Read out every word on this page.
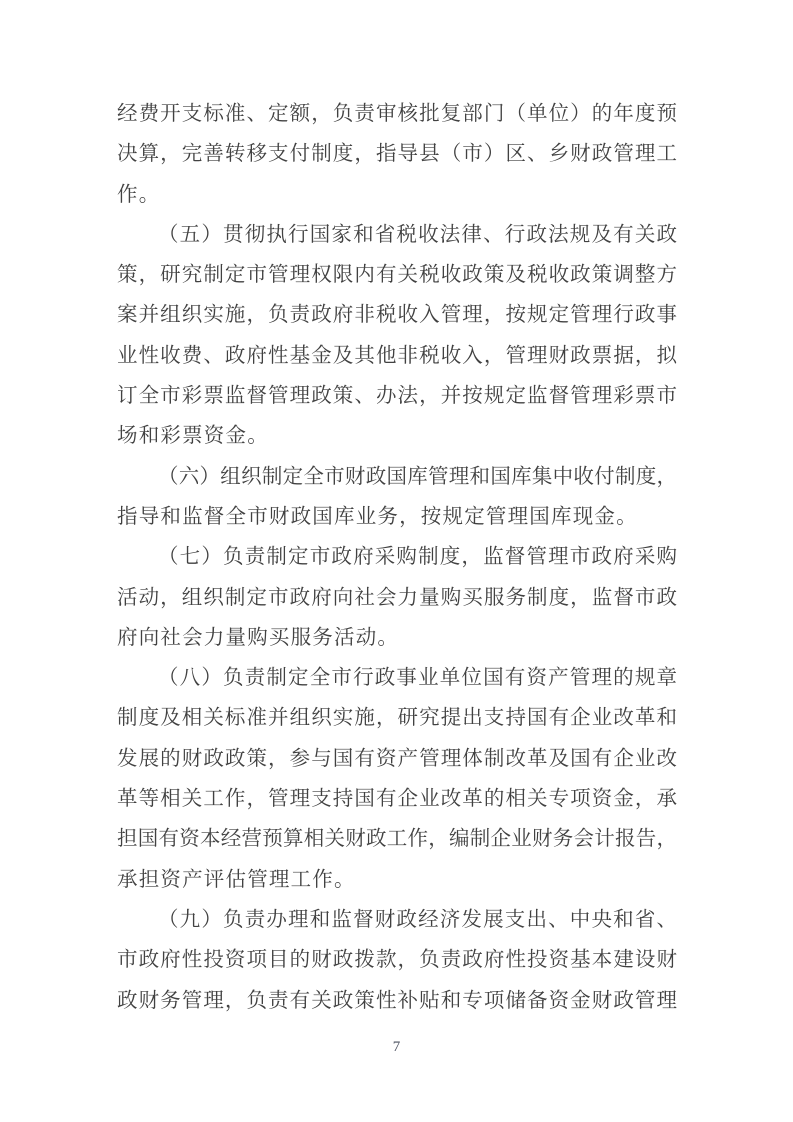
经费开支标准、定额，负责审核批复部门（单位）的年度预
决算，完善转移支付制度，指导县（市）区、乡财政管理工
作。
（五）贯彻执行国家和省税收法律、行政法规及有关政
策，研究制定市管理权限内有关税收政策及税收政策调整方
案并组织实施，负责政府非税收入管理，按规定管理行政事
业性收费、政府性基金及其他非税收入，管理财政票据，拟
订全市彩票监督管理政策、办法，并按规定监督管理彩票市
场和彩票资金。
（六）组织制定全市财政国库管理和国库集中收付制度，
指导和监督全市财政国库业务，按规定管理国库现金。
（七）负责制定市政府采购制度，监督管理市政府采购
活动，组织制定市政府向社会力量购买服务制度，监督市政
府向社会力量购买服务活动。
（八）负责制定全市行政事业单位国有资产管理的规章
制度及相关标准并组织实施，研究提出支持国有企业改革和
发展的财政政策，参与国有资产管理体制改革及国有企业改
革等相关工作，管理支持国有企业改革的相关专项资金，承
担国有资本经营预算相关财政工作，编制企业财务会计报告，
承担资产评估管理工作。
（九）负责办理和监督财政经济发展支出、中央和省、
市政府性投资项目的财政拨款，负责政府性投资基本建设财
政财务管理，负责有关政策性补贴和专项储备资金财政管理
7
